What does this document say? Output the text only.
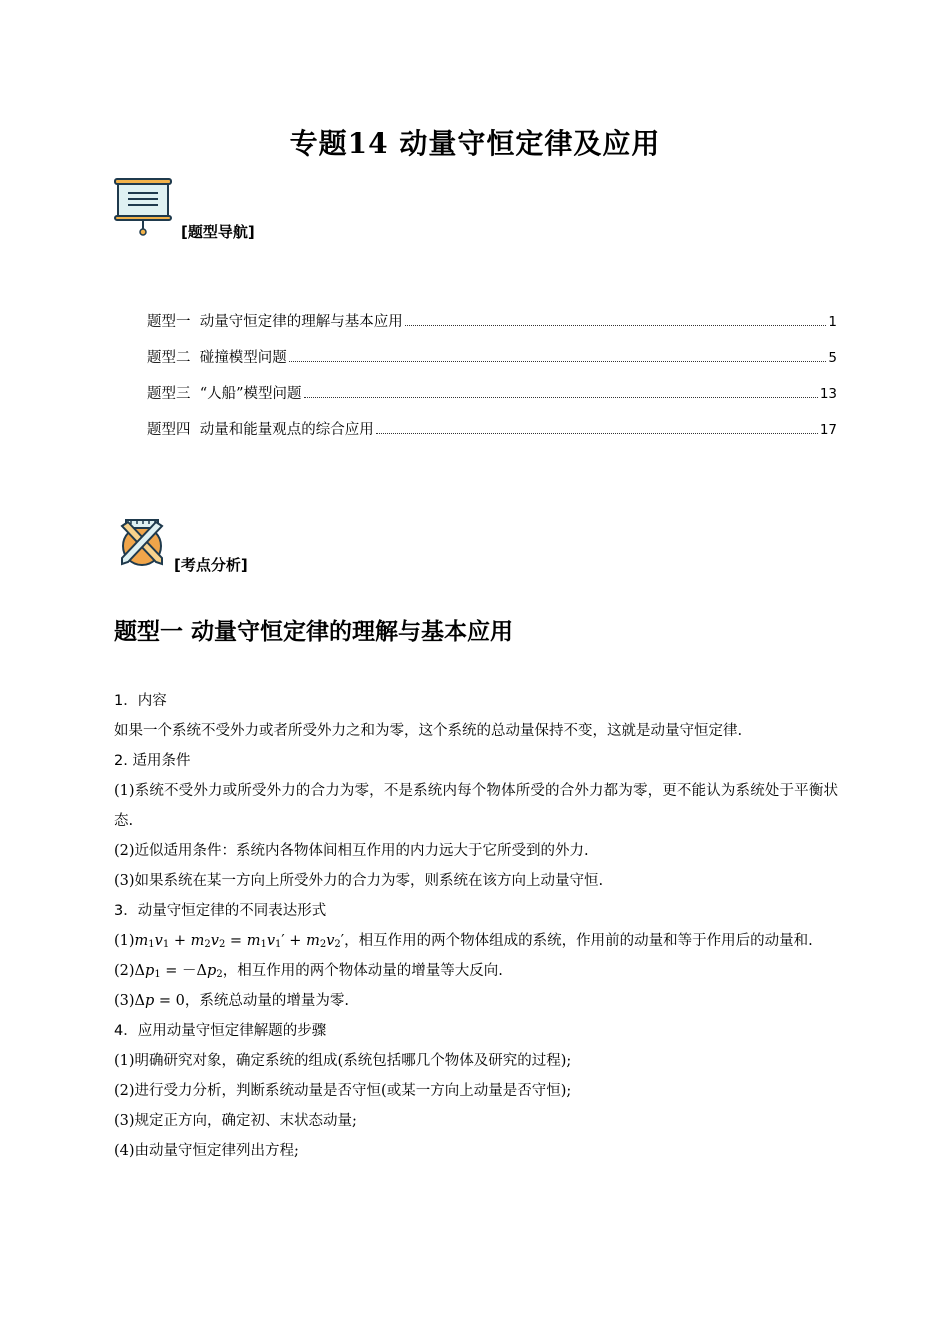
专题14 动量守恒定律及应用
[题型导航]
题型一  动量守恒定律的理解与基本应用	1
题型二  碰撞模型问题	5
题型三  “人船”模型问题	13
题型四  动量和能量观点的综合应用	17
[考点分析]
题型一 动量守恒定律的理解与基本应用

1．内容

如果一个系统不受外力或者所受外力之和为零，这个系统的总动量保持不变，这就是动量守恒定律.

2. 适用条件

(1)系统不受外力或所受外力的合力为零，不是系统内每个物体所受的合外力都为零，更不能认为系统处于平衡状态.

(2)近似适用条件：系统内各物体间相互作用的内力远大于它所受到的外力.

(3)如果系统在某一方向上所受外力的合力为零，则系统在该方向上动量守恒.

3．动量守恒定律的不同表达形式

$(1)m_1v_1 + m_2v_2 = m_1v_1' + m_2v_2'$，相互作用的两个物体组成的系统，作用前的动量和等于作用后的动量和.

$(2)\Delta p_1 = -\Delta p_2$，相互作用的两个物体动量的增量等大反向.

(3)Δp = 0，系统总动量的增量为零.

4．应用动量守恒定律解题的步骤

(1)明确研究对象，确定系统的组成(系统包括哪几个物体及研究的过程);

(2)进行受力分析，判断系统动量是否守恒(或某一方向上动量是否守恒);

(3)规定正方向，确定初、末状态动量;

(4)由动量守恒定律列出方程;
